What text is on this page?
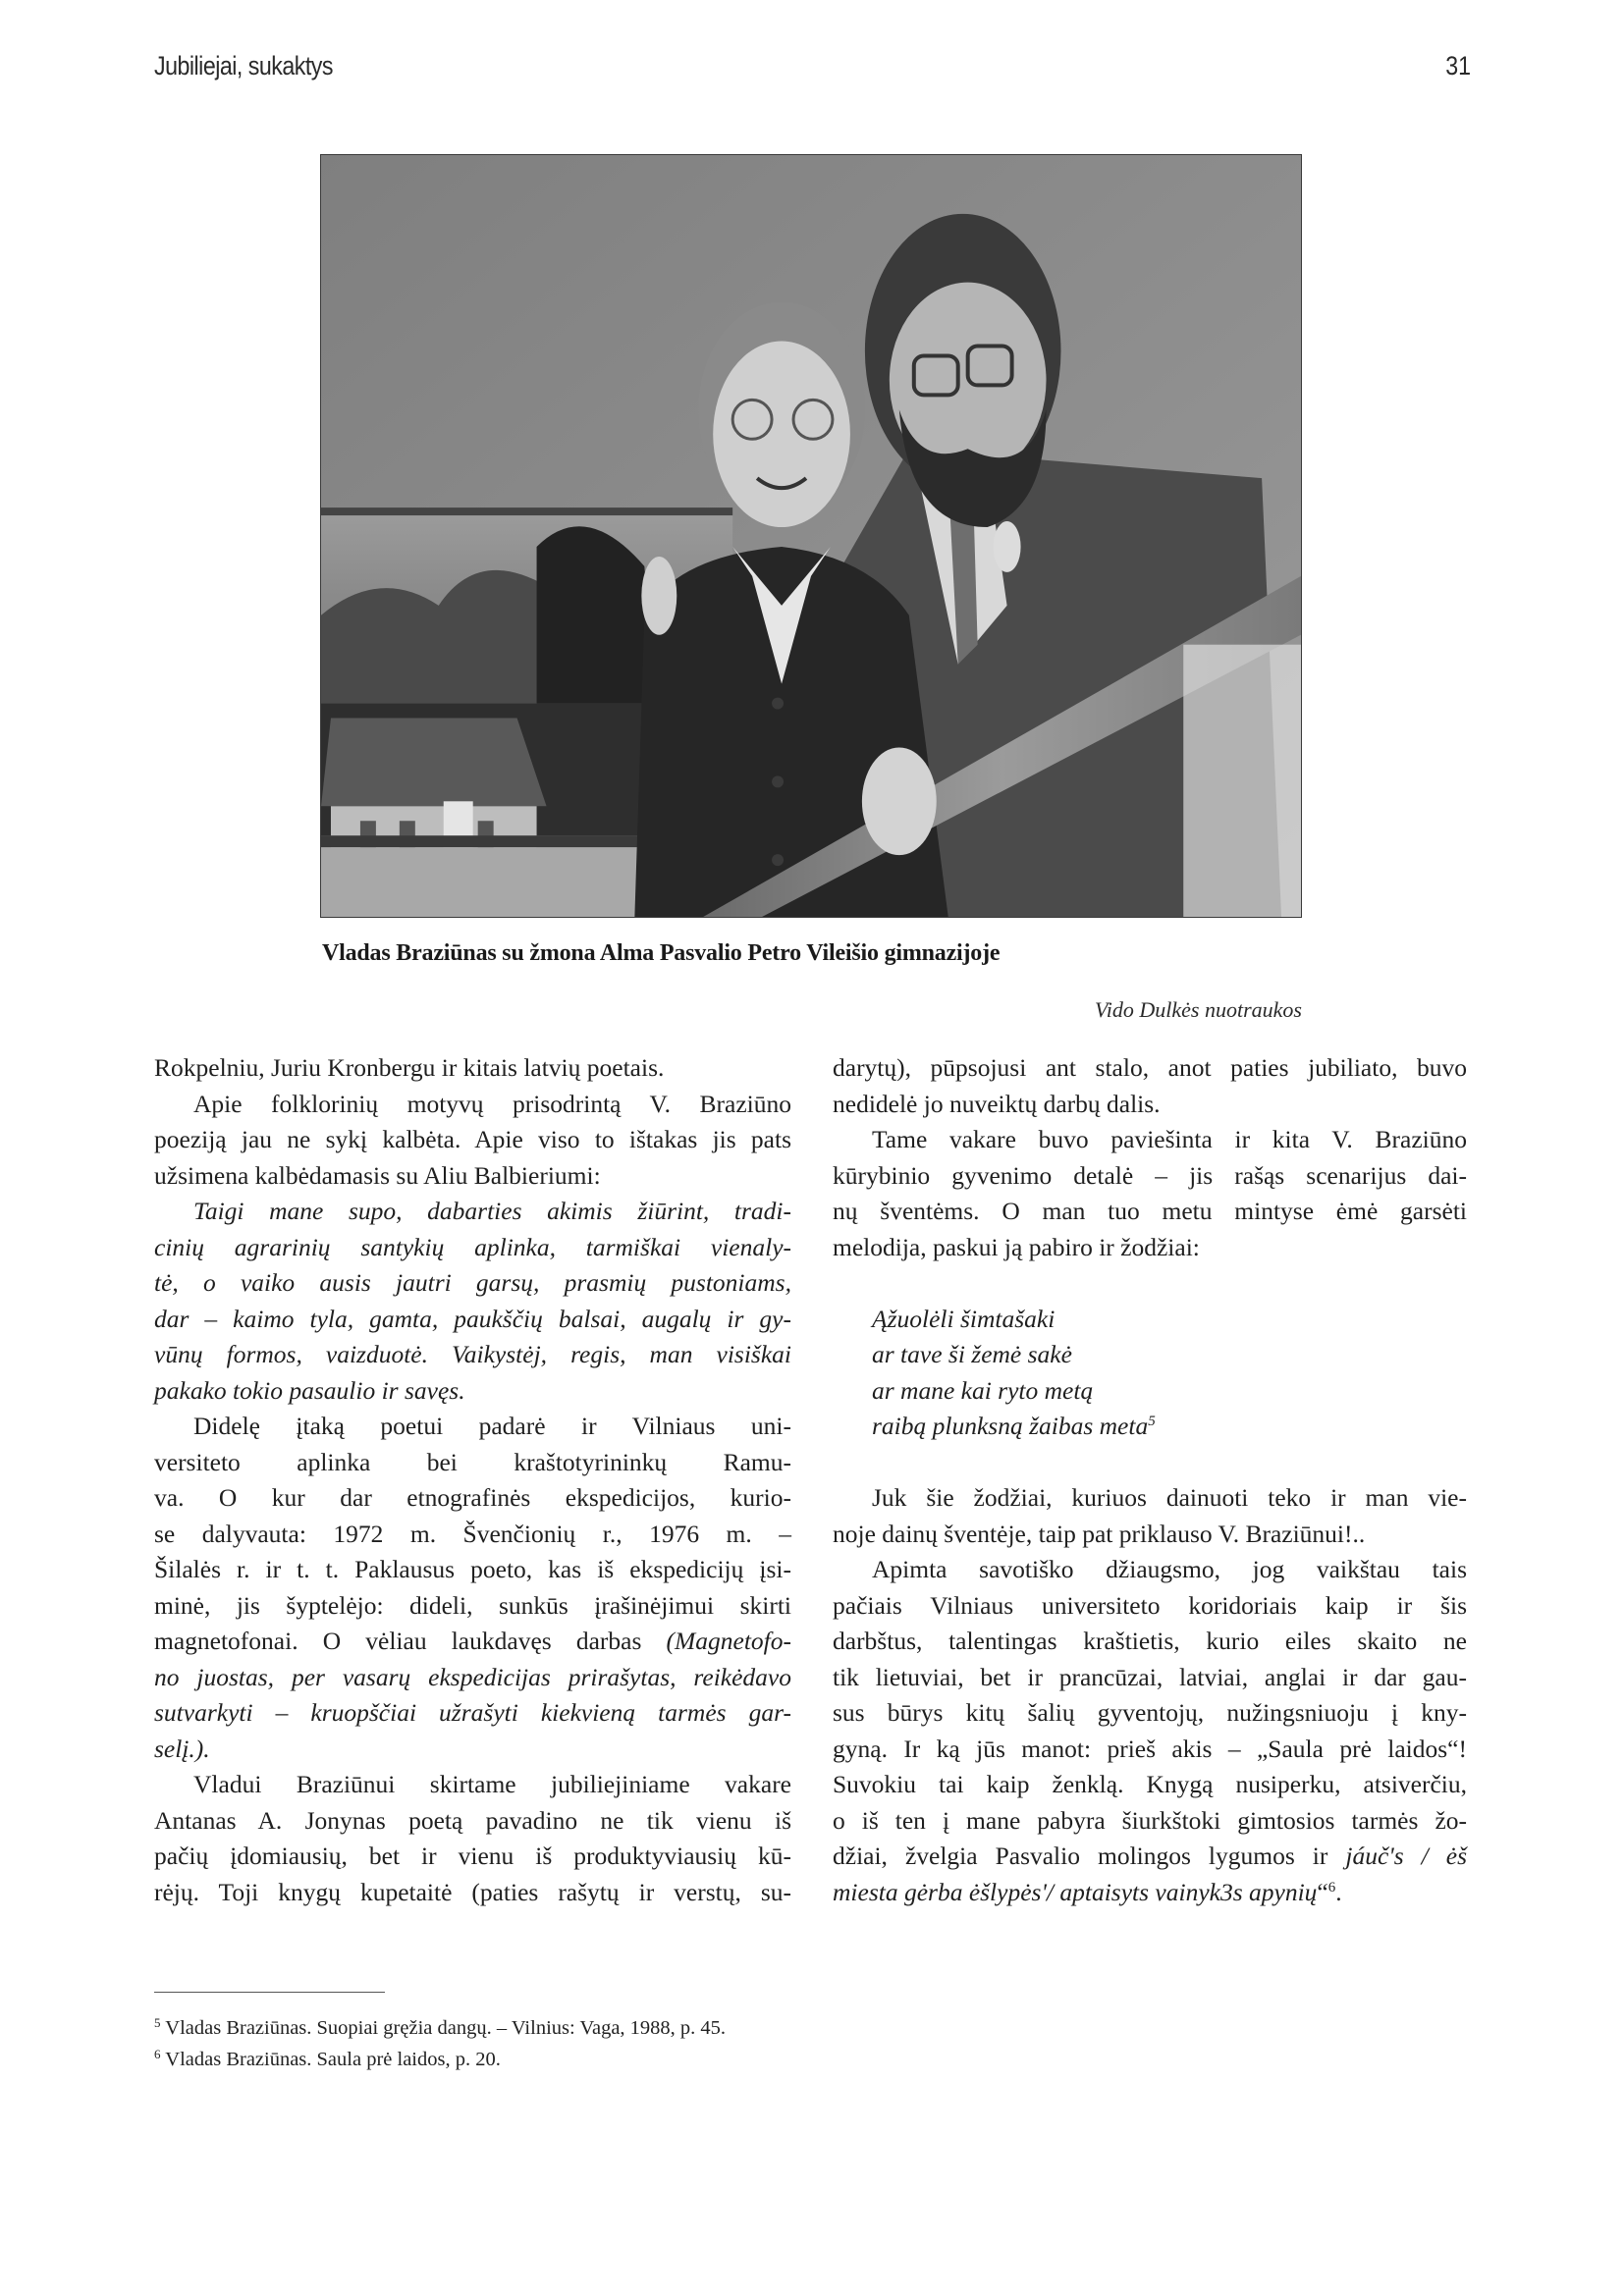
Jubiliejai, sukaktys	31
Vladas Braziūnas su žmona Alma Pasvalio Petro Vileišio gimnazijoje
Vido Dulkės nuotraukos
Rokpelniu, Juriu Kronbergu ir kitais latvių poetais.
Apie folklorinių motyvų prisodrintą V. Braziūno
poeziją jau ne sykį kalbėta. Apie viso to ištakas jis pats
užsimena kalbėdamasis su Aliu Balbieriumi:
Taigi mane supo, dabarties akimis žiūrint, tradi-
cinių agrarinių santykių aplinka, tarmiškai vienaly-
tė, o vaiko ausis jautri garsų, prasmių pustoniams,
dar – kaimo tyla, gamta, paukščių balsai, augalų ir gy-
vūnų formos, vaizduotė. Vaikystėj, regis, man visiškai
pakako tokio pasaulio ir savęs.
Didelę įtaką poetui padarė ir Vilniaus uni-
versiteto aplinka bei kraštotyrininkų Ramu-
va. O kur dar etnografinės ekspedicijos, kurio-
se dalyvauta: 1972 m. Švenčionių r., 1976 m. –
Šilalės r. ir t. t. Paklausus poeto, kas iš ekspedicijų įsi-
minė, jis šyptelėjo: dideli, sunkūs įrašinėjimui skirti
magnetofonai. O vėliau laukdavęs darbas (Magnetofo-
no juostas, per vasarų ekspedicijas prirašytas, reikėdavo
sutvarkyti – kruopščiai užrašyti kiekvieną tarmės gar-
selį.).
Vladui Braziūnui skirtame jubiliejiniame vakare
Antanas A. Jonynas poetą pavadino ne tik vienu iš
pačių įdomiausių, bet ir vienu iš produktyviausių kū-
rėjų. Toji knygų kupetaitė (paties rašytų ir verstų, su-
darytų), pūpsojusi ant stalo, anot paties jubiliato, buvo
nedidelė jo nuveiktų darbų dalis.
Tame vakare buvo paviešinta ir kita V. Braziūno
kūrybinio gyvenimo detalė – jis rašąs scenarijus dai-
nų šventėms. O man tuo metu mintyse ėmė garsėti
melodija, paskui ją pabiro ir žodžiai:
Ąžuolėli šimtašaki
ar tave ši žemė sakė
ar mane kai ryto metą
raibą plunksną žaibas meta$^5$
Juk šie žodžiai, kuriuos dainuoti teko ir man vie-
noje dainų šventėje, taip pat priklauso V. Braziūnui!..
Apimta savotiško džiaugsmo, jog vaikštau tais
pačiais Vilniaus universiteto koridoriais kaip ir šis
darbštus, talentingas kraštietis, kurio eiles skaito ne
tik lietuviai, bet ir prancūzai, latviai, anglai ir dar gau-
sus būrys kitų šalių gyventojų, nužingsniuoju į kny-
gyną. Ir ką jūs manot: prieš akis – „Saula prė laidos“!
Suvokiu tai kaip ženklą. Knygą nusiperku, atsiverčiu,
o iš ten į mane pabyra šiurkštoki gimtosios tarmės žo-
džiai, žvelgia Pasvalio molingos lygumos ir jáuč's / ėš
miesta gėrba ėšlypės'/ aptaisyts vainyk3s apynių“$^6$.
$^5$ Vladas Braziūnas. Suopiai gręžia dangų. – Vilnius: Vaga, 1988, p. 45.
$^6$ Vladas Braziūnas. Saula prė laidos, p. 20.
